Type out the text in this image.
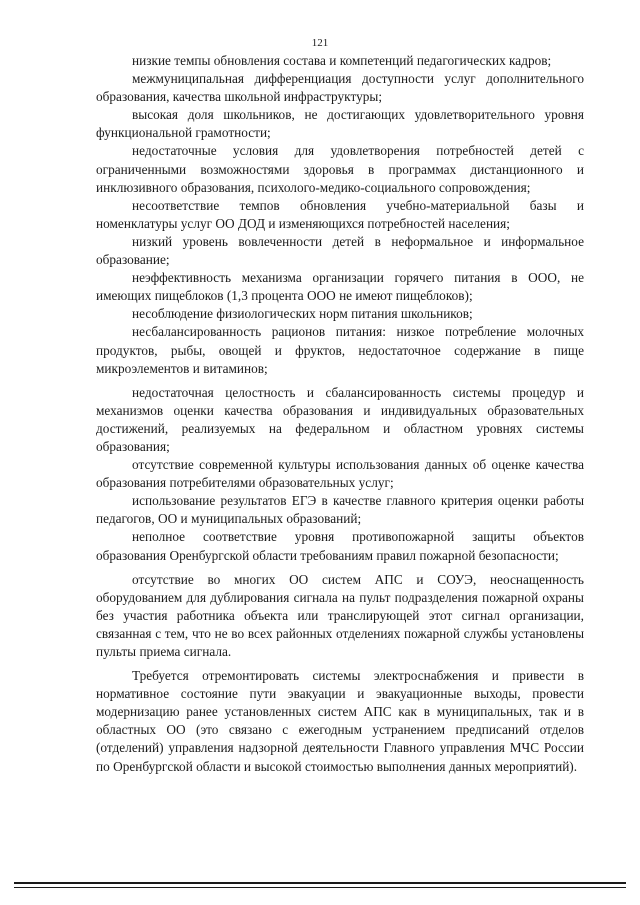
121

низкие темпы обновления состава и компетенций педагогических кадров;

межмуниципальная дифференциация доступности услуг дополнительного образования, качества школьной инфраструктуры;

высокая доля школьников, не достигающих удовлетворительного уровня функциональной грамотности;

недостаточные условия для удовлетворения потребностей детей с ограниченными возможностями здоровья в программах дистанционного и инклюзивного образования, психолого-медико-социального сопровождения;

несоответствие темпов обновления учебно-материальной базы и номенклатуры услуг ОО ДОД и изменяющихся потребностей населения;

низкий уровень вовлеченности детей в неформальное и информальное образование;

неэффективность механизма организации горячего питания в ООО, не имеющих пищеблоков (1,3 процента ООО не имеют пищеблоков);

несоблюдение физиологических норм питания школьников;

несбалансированность рационов питания: низкое потребление молочных продуктов, рыбы, овощей и фруктов, недостаточное содержание в пище микроэлементов и витаминов;

недостаточная целостность и сбалансированность системы процедур и механизмов оценки качества образования и индивидуальных образовательных достижений, реализуемых на федеральном и областном уровнях системы образования;

отсутствие современной культуры использования данных об оценке качества образования потребителями образовательных услуг;

использование результатов ЕГЭ в качестве главного критерия оценки работы педагогов, ОО и муниципальных образований;

неполное соответствие уровня противопожарной защиты объектов образования Оренбургской области требованиям правил пожарной безопасности;

отсутствие во многих ОО систем АПС и СОУЭ, неоснащенность оборудованием для дублирования сигнала на пульт подразделения пожарной охраны без участия работника объекта или транслирующей этот сигнал организации, связанная с тем, что не во всех районных отделениях пожарной службы установлены пульты приема сигнала.

Требуется отремонтировать системы электроснабжения и привести в нормативное состояние пути эвакуации и эвакуационные выходы, провести модернизацию ранее установленных систем АПС как в муниципальных, так и в областных ОО (это связано с ежегодным устранением предписаний отделов (отделений) управления надзорной деятельности Главного управления МЧС России по Оренбургской области и высокой стоимостью выполнения данных мероприятий).
